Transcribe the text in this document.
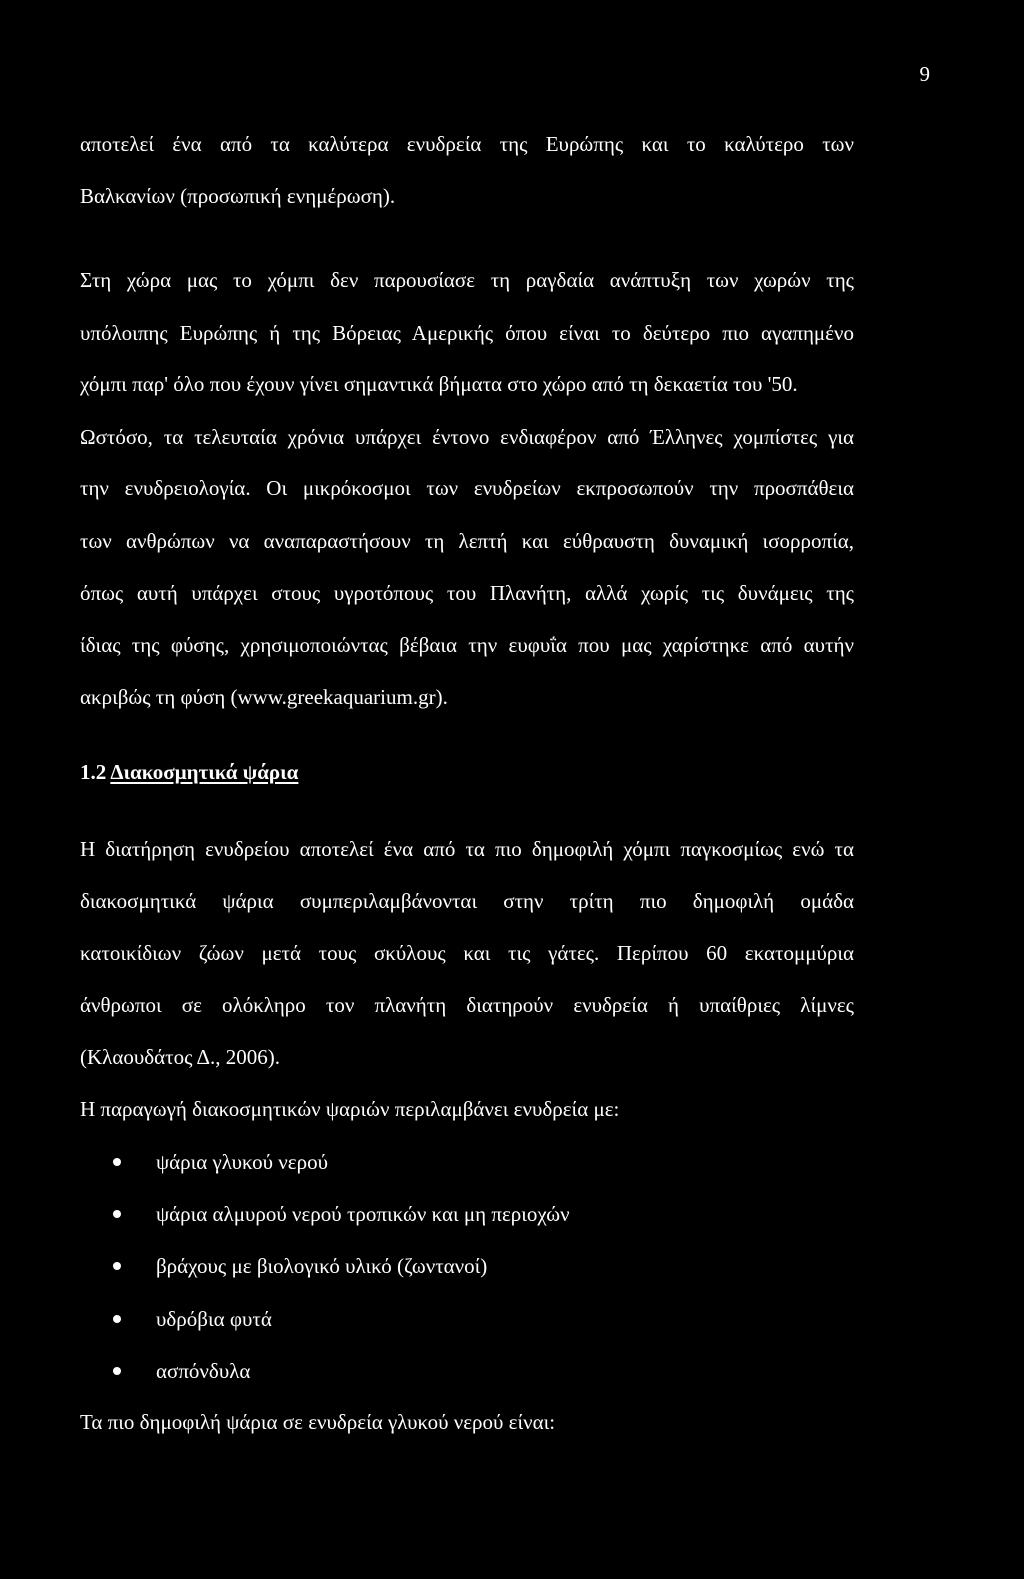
9
αποτελεί ένα από τα καλύτερα ενυδρεία της Ευρώπης και το καλύτερο των
Βαλκανίων (προσωπική ενημέρωση).
Στη χώρα μας το χόμπι δεν παρουσίασε τη ραγδαία ανάπτυξη των χωρών της
υπόλοιπης Ευρώπης ή της Βόρειας Αμερικής όπου είναι το δεύτερο πιο αγαπημένο
χόμπι παρ' όλο που έχουν γίνει σημαντικά βήματα στο χώρο από τη δεκαετία του '50.
Ωστόσο, τα τελευταία χρόνια υπάρχει έντονο ενδιαφέρον από Έλληνες χομπίστες για
την ενυδρειολογία. Οι μικρόκοσμοι των ενυδρείων εκπροσωπούν την προσπάθεια
των ανθρώπων να αναπαραστήσουν τη λεπτή και εύθραυστη δυναμική ισορροπία,
όπως αυτή υπάρχει στους υγροτόπους του Πλανήτη, αλλά χωρίς τις δυνάμεις της
ίδιας της φύσης, χρησιμοποιώντας βέβαια την ευφυΐα που μας χαρίστηκε από αυτήν
ακριβώς τη φύση (www.greekaquarium.gr).
1.2 Διακοσμητικά ψάρια
Η διατήρηση ενυδρείου αποτελεί ένα από τα πιο δημοφιλή χόμπι παγκοσμίως ενώ τα
διακοσμητικά ψάρια συμπεριλαμβάνονται στην τρίτη πιο δημοφιλή ομάδα
κατοικίδιων ζώων μετά τους σκύλους και τις γάτες. Περίπου 60 εκατομμύρια
άνθρωποι σε ολόκληρο τον πλανήτη διατηρούν ενυδρεία ή υπαίθριες λίμνες
(Κλαουδάτος Δ., 2006).
Η παραγωγή διακοσμητικών ψαριών περιλαμβάνει ενυδρεία με:
ψάρια γλυκού νερού
ψάρια αλμυρού νερού τροπικών και μη περιοχών
βράχους με βιολογικό υλικό (ζωντανοί)
υδρόβια φυτά
ασπόνδυλα
Τα πιο δημοφιλή ψάρια σε ενυδρεία γλυκού νερού είναι:
